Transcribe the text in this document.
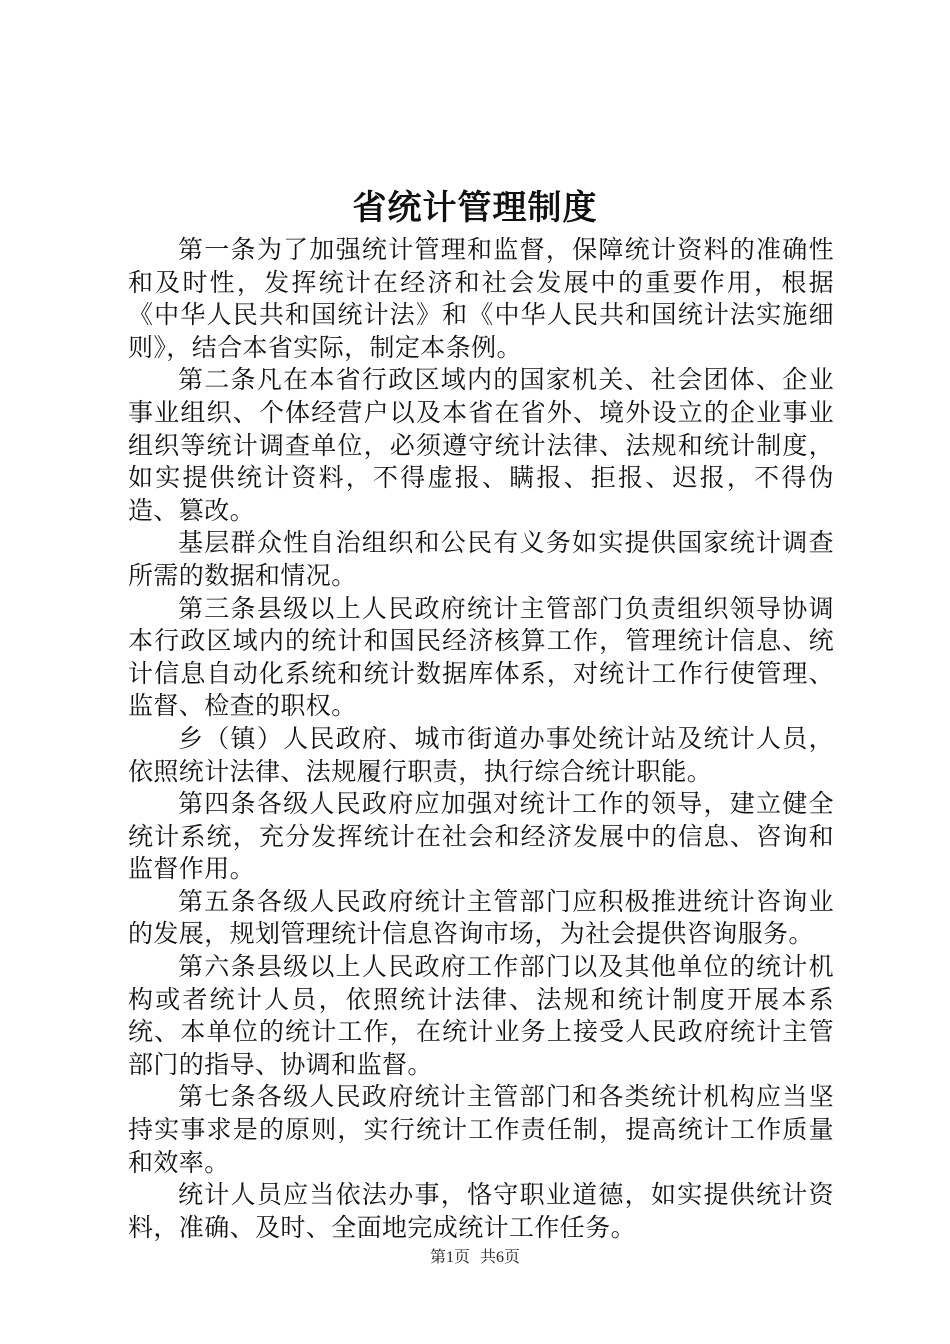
省统计管理制度

第一条为了加强统计管理和监督，保障统计资料的准确性和及时性，发挥统计在经济和社会发展中的重要作用，根据《中华人民共和国统计法》和《中华人民共和国统计法实施细则》，结合本省实际，制定本条例。

第二条凡在本省行政区域内的国家机关、社会团体、企业事业组织、个体经营户以及本省在省外、境外设立的企业事业组织等统计调查单位，必须遵守统计法律、法规和统计制度，如实提供统计资料，不得虚报、瞒报、拒报、迟报，不得伪造、篡改。

基层群众性自治组织和公民有义务如实提供国家统计调查所需的数据和情况。

第三条县级以上人民政府统计主管部门负责组织领导协调本行政区域内的统计和国民经济核算工作，管理统计信息、统计信息自动化系统和统计数据库体系，对统计工作行使管理、监督、检查的职权。

乡（镇）人民政府、城市街道办事处统计站及统计人员，依照统计法律、法规履行职责，执行综合统计职能。

第四条各级人民政府应加强对统计工作的领导，建立健全统计系统，充分发挥统计在社会和经济发展中的信息、咨询和监督作用。

第五条各级人民政府统计主管部门应积极推进统计咨询业的发展，规划管理统计信息咨询市场，为社会提供咨询服务。

第六条县级以上人民政府工作部门以及其他单位的统计机构或者统计人员，依照统计法律、法规和统计制度开展本系统、本单位的统计工作，在统计业务上接受人民政府统计主管部门的指导、协调和监督。

第七条各级人民政府统计主管部门和各类统计机构应当坚持实事求是的原则，实行统计工作责任制，提高统计工作质量和效率。

统计人员应当依法办事，恪守职业道德，如实提供统计资料，准确、及时、全面地完成统计工作任务。

第1页 共6页
